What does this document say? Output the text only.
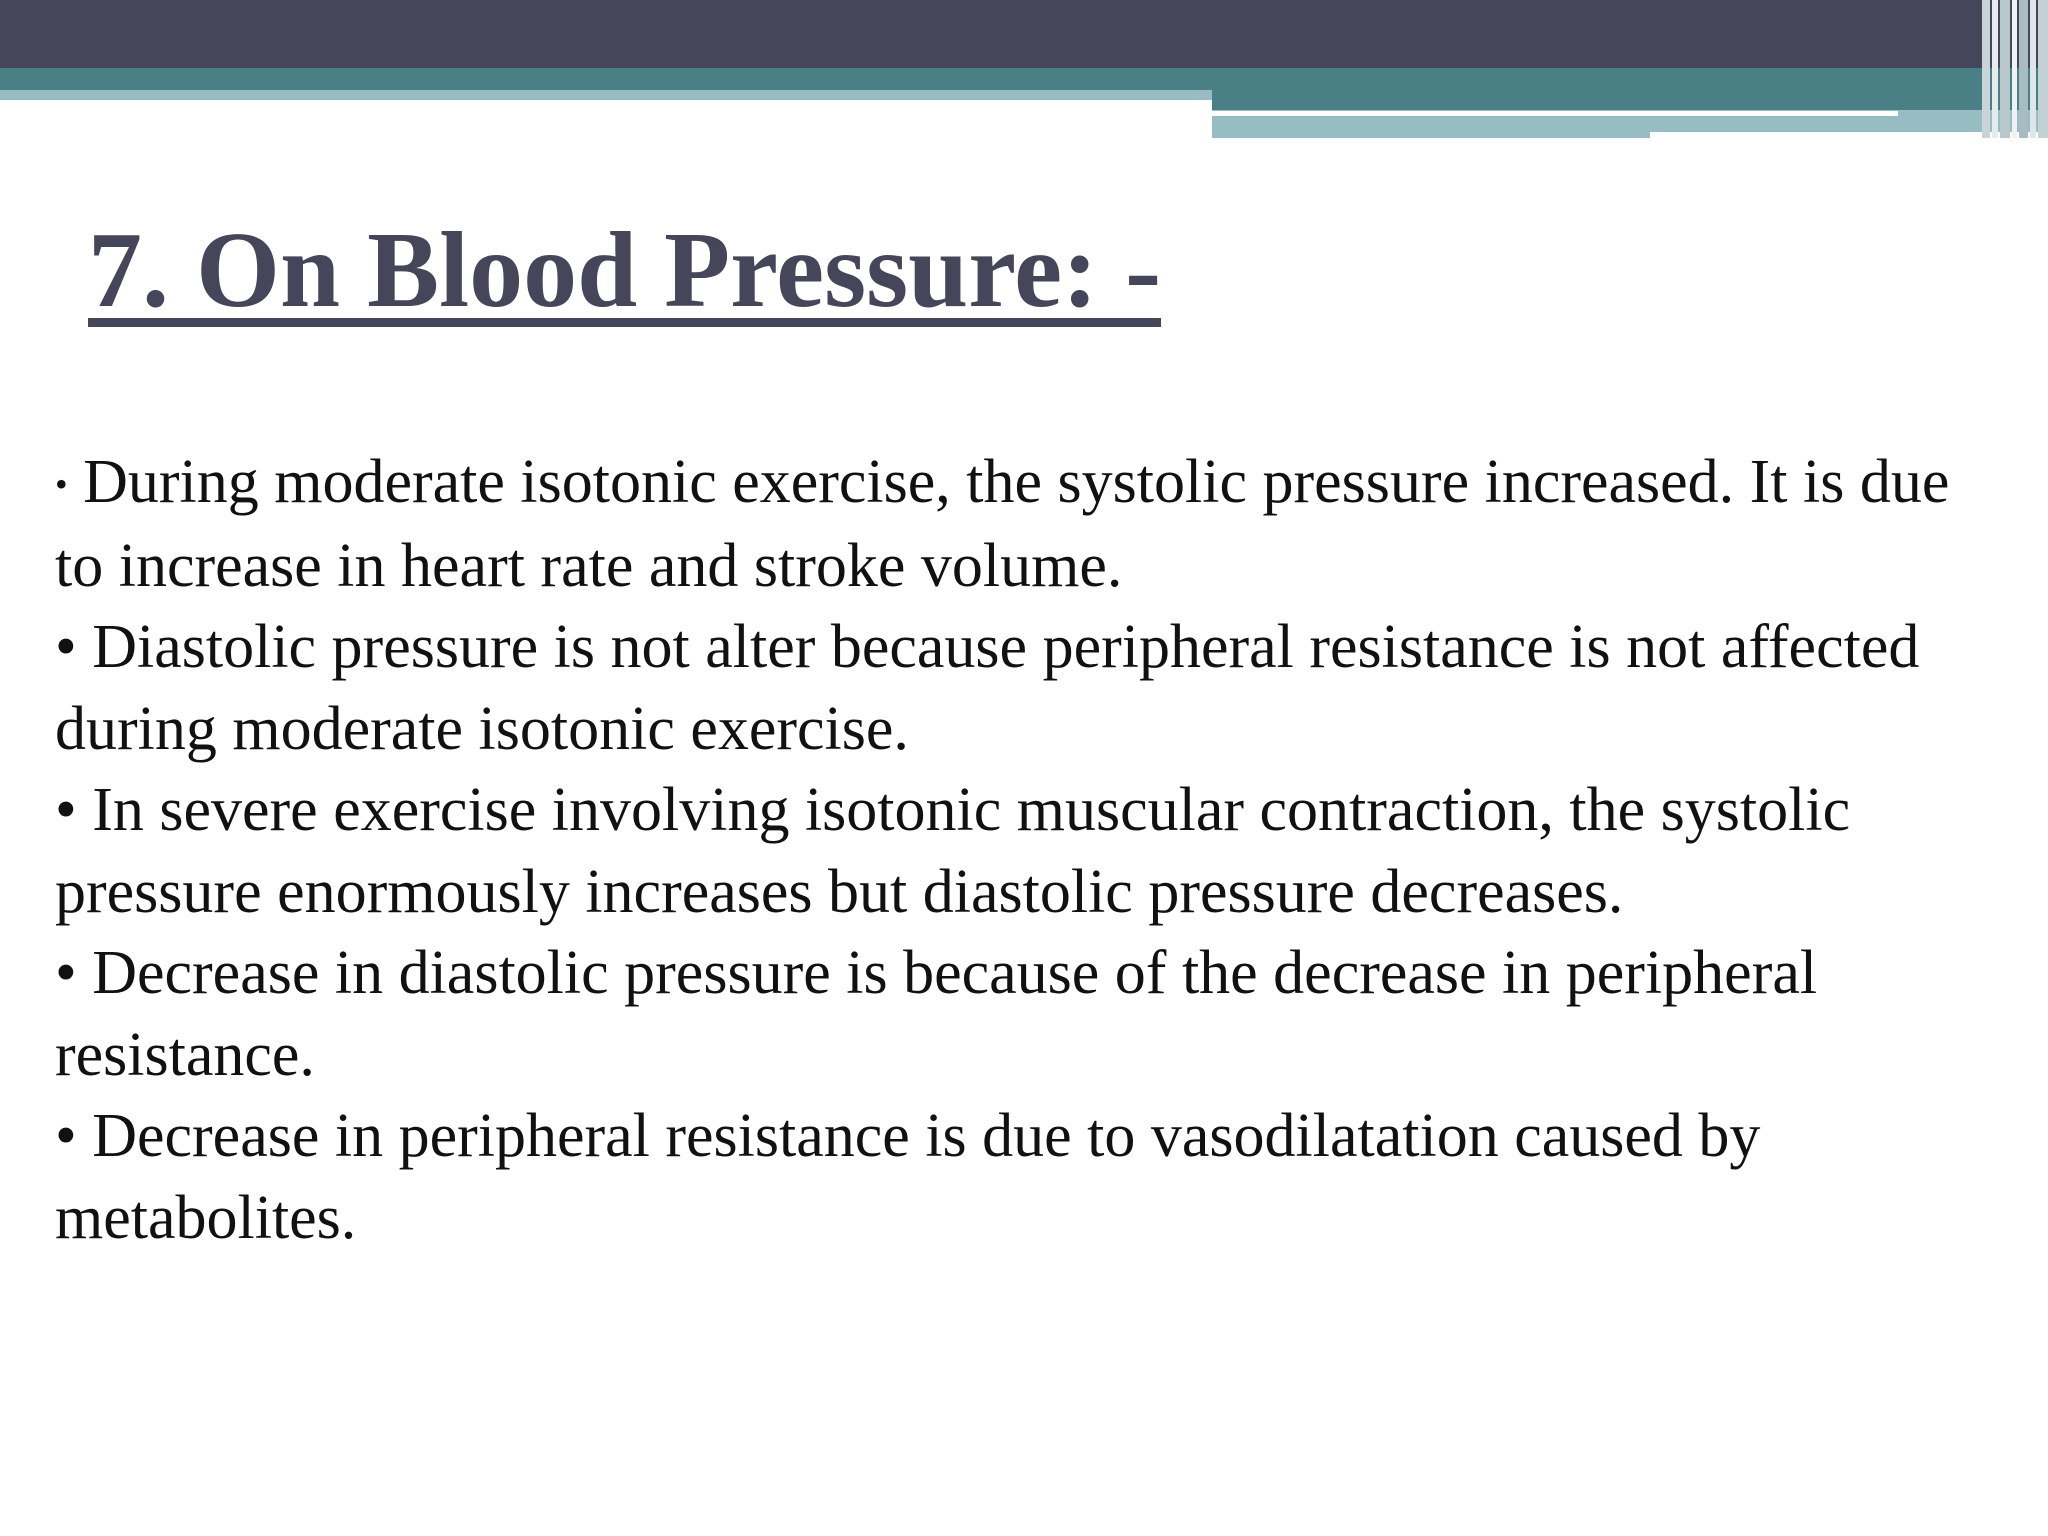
7. On Blood Pressure: -

• During moderate isotonic exercise, the systolic pressure increased. It is due to increase in heart rate and stroke volume.

• Diastolic pressure is not alter because peripheral resistance is not affected during moderate isotonic exercise.

• In severe exercise involving isotonic muscular contraction, the systolic pressure enormously increases but diastolic pressure decreases.

• Decrease in diastolic pressure is because of the decrease in peripheral resistance.

• Decrease in peripheral resistance is due to vasodilatation caused by metabolites.
